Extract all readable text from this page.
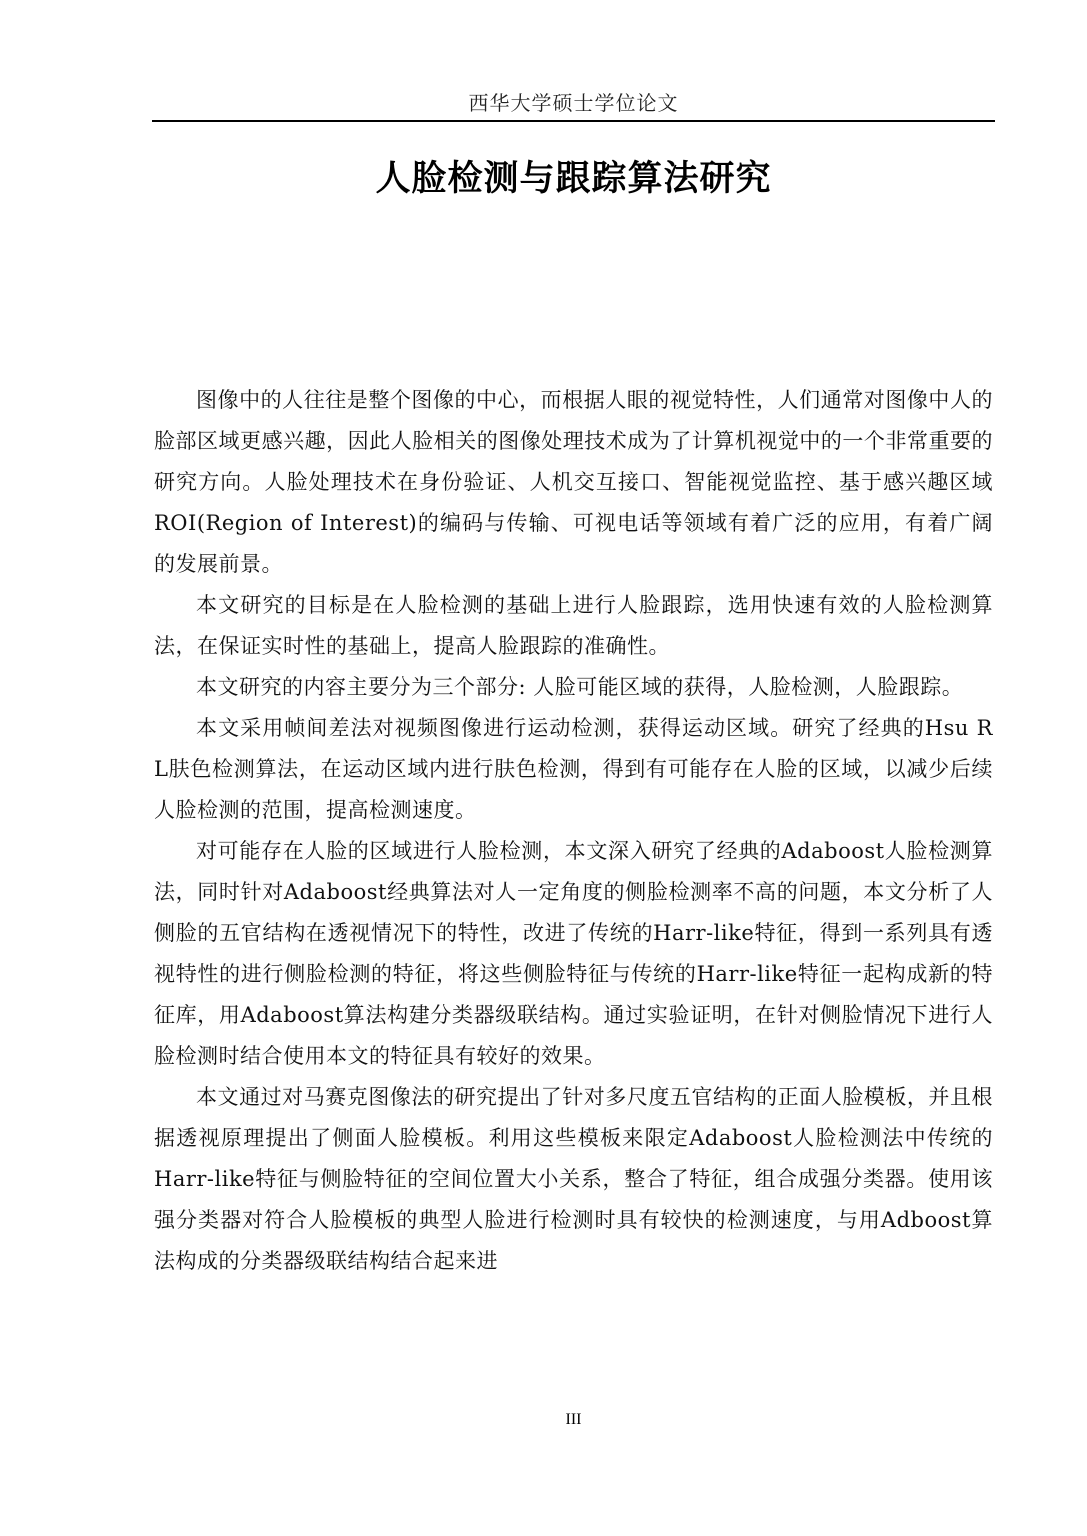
西华大学硕士学位论文
人脸检测与跟踪算法研究

图像中的人往往是整个图像的中心，而根据人眼的视觉特性，人们通常对图像中人的脸部区域更感兴趣，因此人脸相关的图像处理技术成为了计算机视觉中的一个非常重要的研究方向。人脸处理技术在身份验证、人机交互接口、智能视觉监控、基于感兴趣区域ROI(Region of Interest)的编码与传输、可视电话等领域有着广泛的应用，有着广阔的发展前景。

本文研究的目标是在人脸检测的基础上进行人脸跟踪，选用快速有效的人脸检测算法，在保证实时性的基础上，提高人脸跟踪的准确性。

本文研究的内容主要分为三个部分: 人脸可能区域的获得，人脸检测，人脸跟踪。

本文采用帧间差法对视频图像进行运动检测，获得运动区域。研究了经典的Hsu R L肤色检测算法，在运动区域内进行肤色检测，得到有可能存在人脸的区域，以减少后续人脸检测的范围，提高检测速度。

对可能存在人脸的区域进行人脸检测，本文深入研究了经典的Adaboost人脸检测算法，同时针对Adaboost经典算法对人一定角度的侧脸检测率不高的问题，本文分析了人侧脸的五官结构在透视情况下的特性，改进了传统的Harr-like特征，得到一系列具有透视特性的进行侧脸检测的特征，将这些侧脸特征与传统的Harr-like特征一起构成新的特征库，用Adaboost算法构建分类器级联结构。通过实验证明，在针对侧脸情况下进行人脸检测时结合使用本文的特征具有较好的效果。

本文通过对马赛克图像法的研究提出了针对多尺度五官结构的正面人脸模板，并且根据透视原理提出了侧面人脸模板。利用这些模板来限定Adaboost人脸检测法中传统的Harr-like特征与侧脸特征的空间位置大小关系，整合了特征，组合成强分类器。使用该强分类器对符合人脸模板的典型人脸进行检测时具有较快的检测速度，与用Adboost算法构成的分类器级联结构结合起来进

III
